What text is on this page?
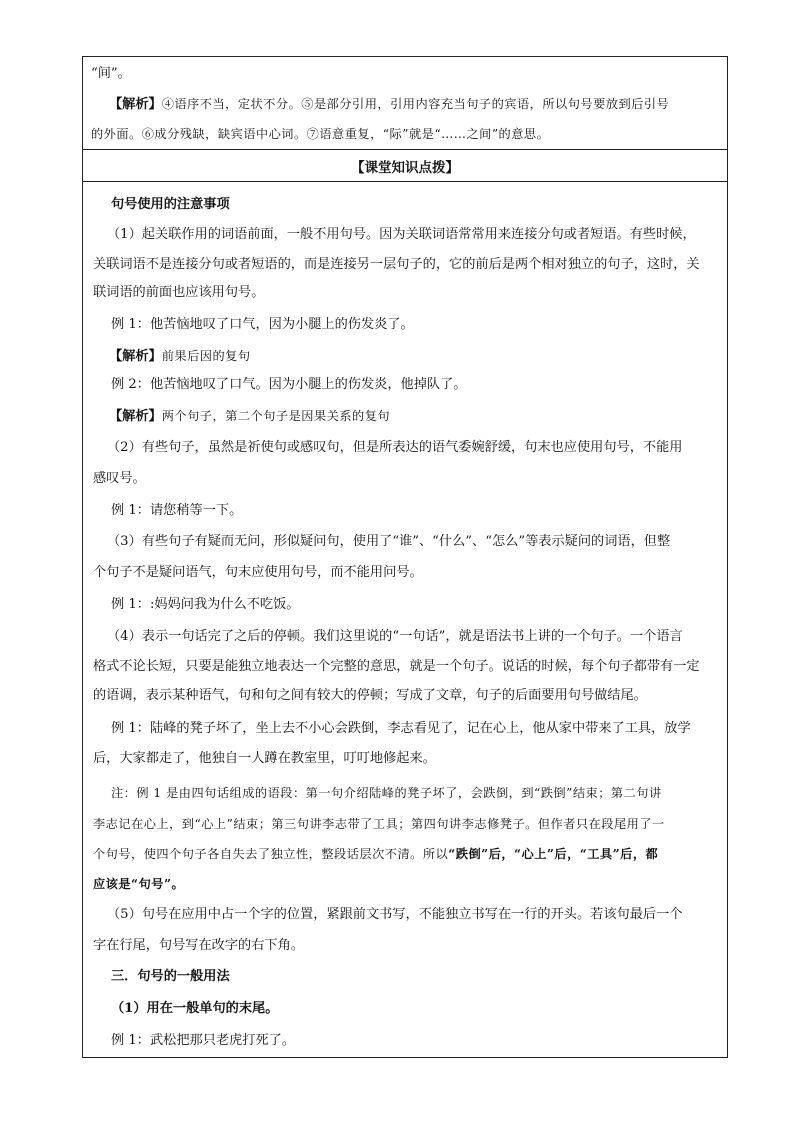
“间”。
【解析】④语序不当，定状不分。⑤是部分引用，引用内容充当句子的宾语，所以句号要放到后引号
的外面。⑥成分残缺，缺宾语中心词。⑦语意重复，“际”就是“……之间”的意思。
【课堂知识点拨】
句号使用的注意事项
（1）起关联作用的词语前面，一般不用句号。因为关联词语常常用来连接分句或者短语。有些时候，
关联词语不是连接分句或者短语的，而是连接另一层句子的，它的前后是两个相对独立的句子，这时，关
联词语的前面也应该用句号。
例 1：他苦恼地叹了口气，因为小腿上的伤发炎了。
【解析】前果后因的复句
例 2：他苦恼地叹了口气。因为小腿上的伤发炎，他掉队了。
【解析】两个句子，第二个句子是因果关系的复句
（2）有些句子，虽然是祈使句或感叹句，但是所表达的语气委婉舒缓，句末也应使用句号，不能用
感叹号。
例 1：请您稍等一下。
（3）有些句子有疑而无问，形似疑问句，使用了“谁”、“什么”、“怎么”等表示疑问的词语，但整
个句子不是疑问语气，句末应使用句号，而不能用问号。
例 1：:妈妈问我为什么不吃饭。
（4）表示一句话完了之后的停顿。我们这里说的“一句话”，就是语法书上讲的一个句子。一个语言
格式不论长短，只要是能独立地表达一个完整的意思，就是一个句子。说话的时候，每个句子都带有一定
的语调，表示某种语气，句和句之间有较大的停顿；写成了文章，句子的后面要用句号做结尾。
例 1：陆峰的凳子坏了，坐上去不小心会跌倒，李志看见了，记在心上，他从家中带来了工具，放学
后，大家都走了，他独自一人蹲在教室里，叮叮地修起来。
注：例 1 是由四句话组成的语段：第一句介绍陆峰的凳子坏了，会跌倒，到“跌倒”结束；第二句讲
李志记在心上，到“心上”结束；第三句讲李志带了工具；第四句讲李志修凳子。但作者只在段尾用了一
个句号，使四个句子各自失去了独立性，整段话层次不清。所以“跌倒”后，“心上”后，“工具”后，都
应该是“句号”。
（5）句号在应用中占一个字的位置，紧跟前文书写，不能独立书写在一行的开头。若该句最后一个
字在行尾，句号写在改字的右下角。
三．句号的一般用法
（1）用在一般单句的末尾。
例 1：武松把那只老虎打死了。
